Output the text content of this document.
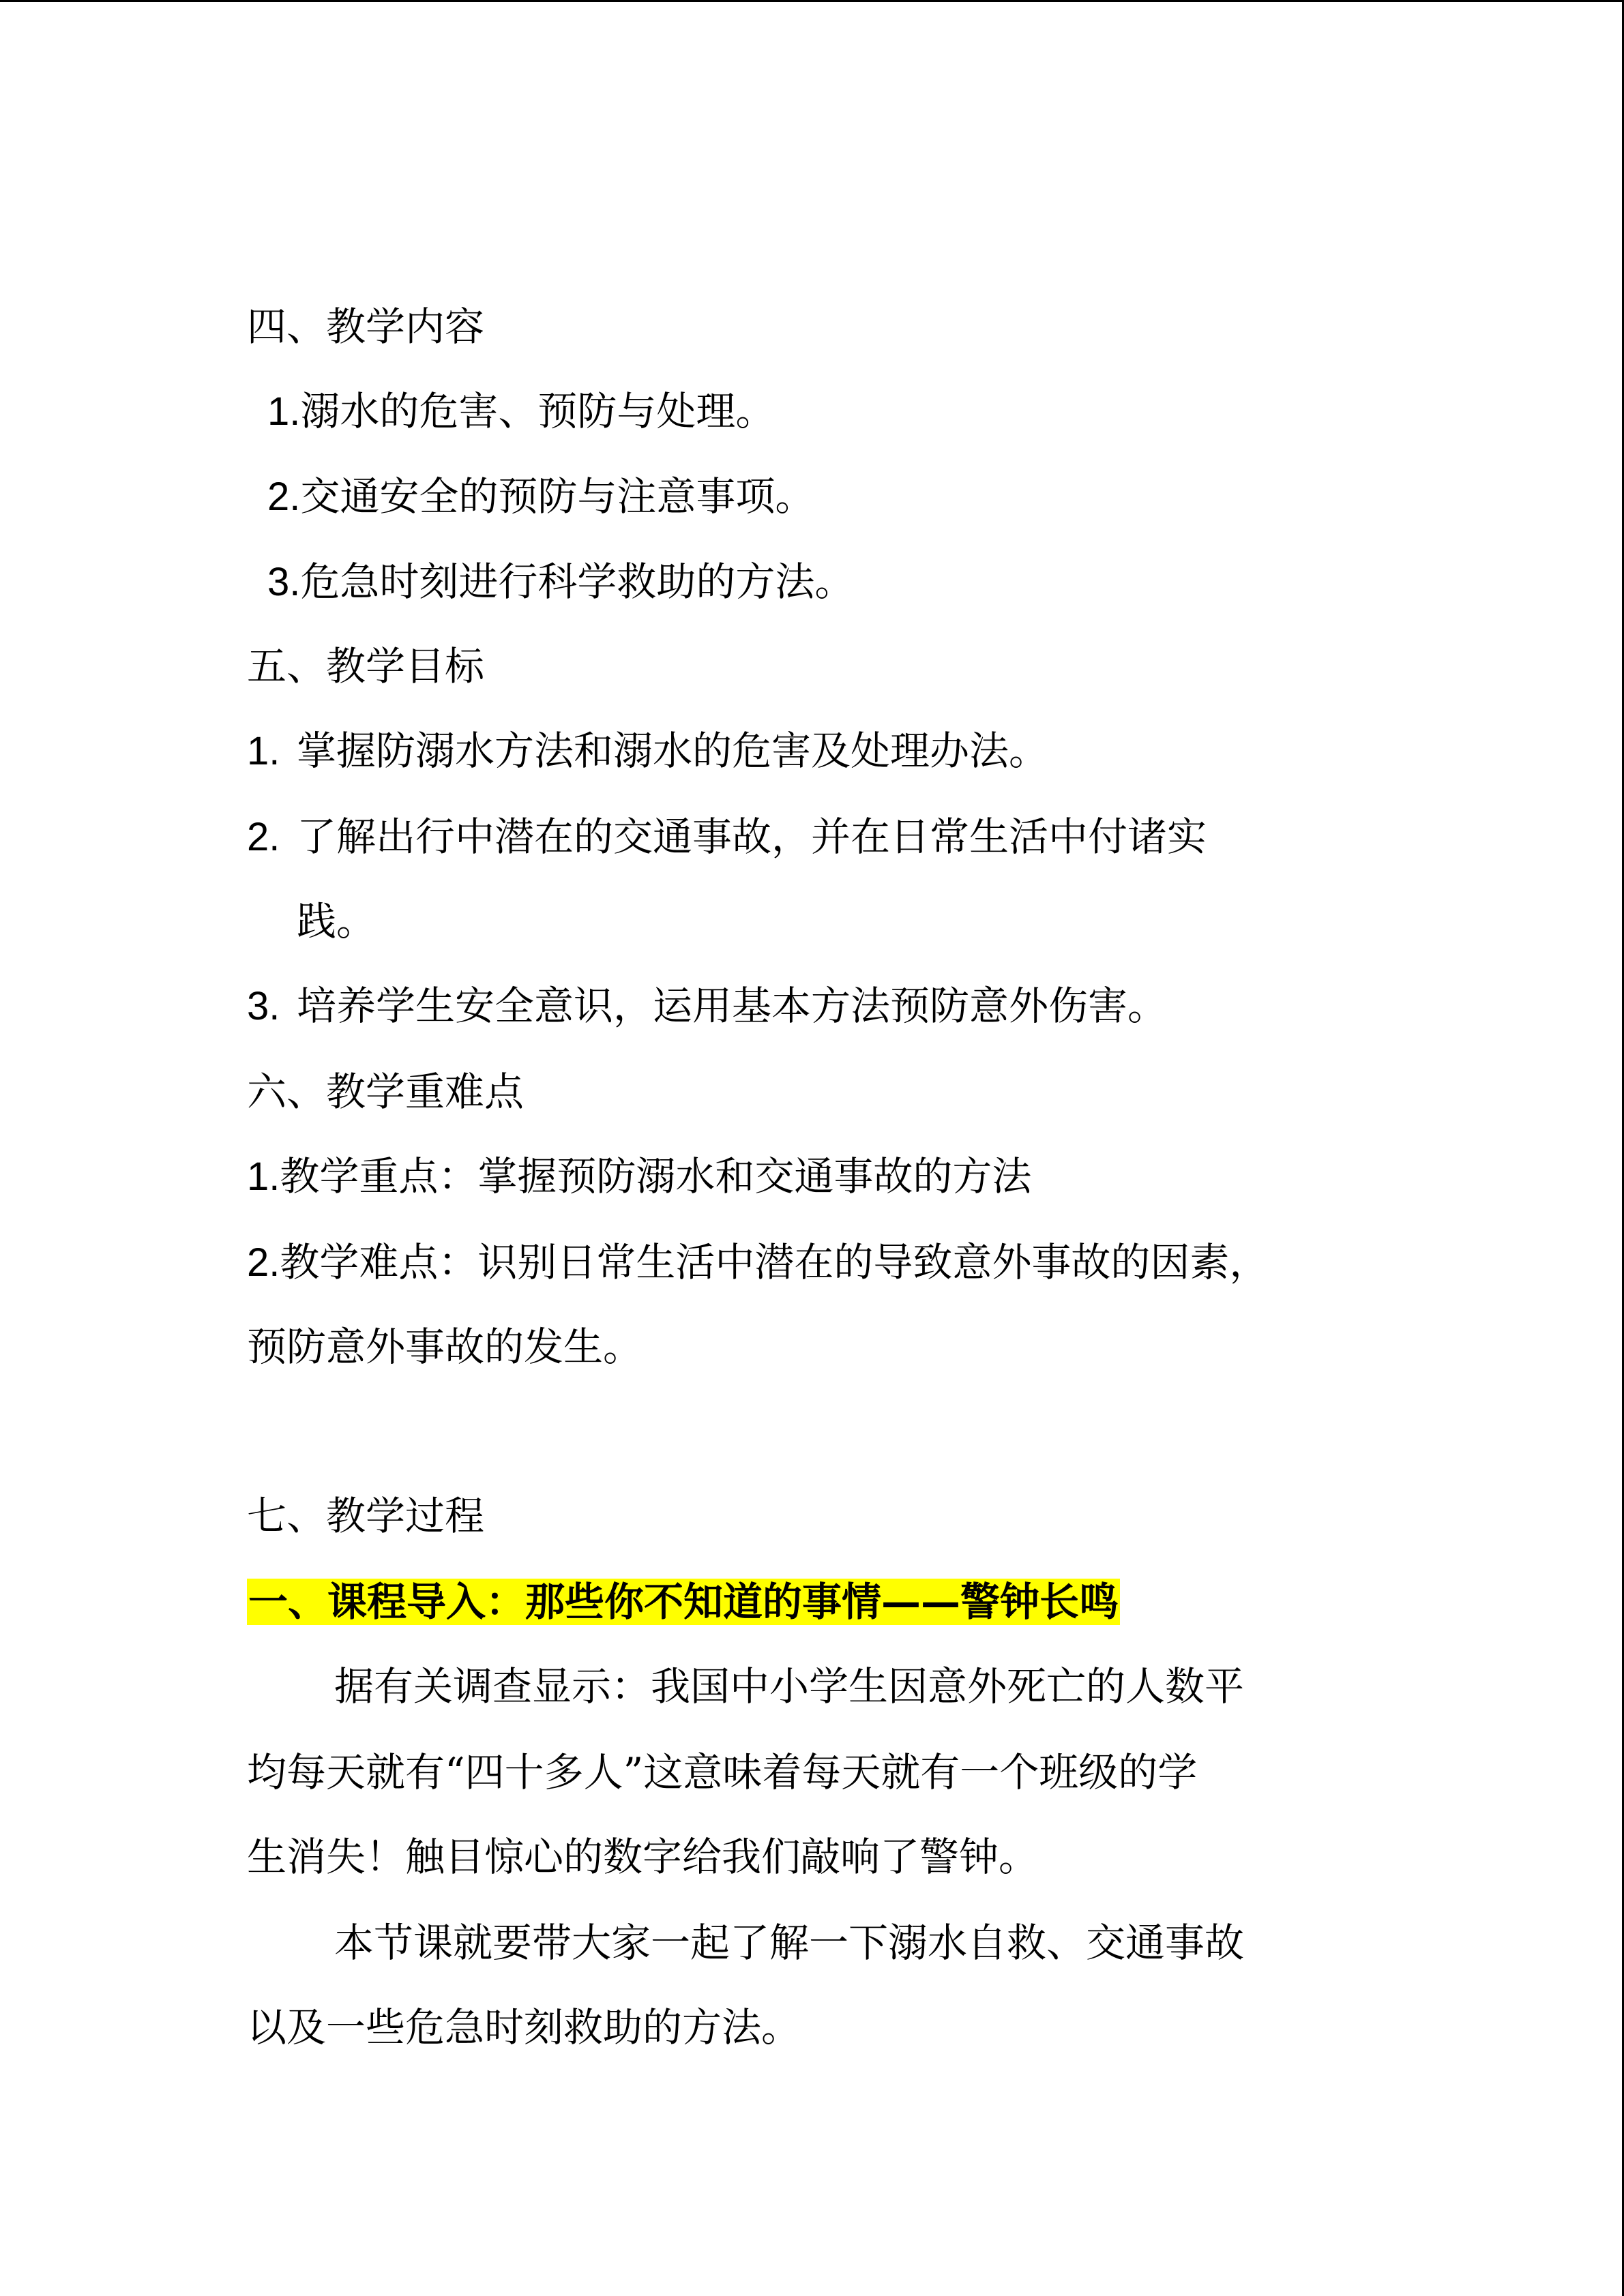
四、教学内容
1.溺水的危害、预防与处理。
2.交通安全的预防与注意事项。
3.危急时刻进行科学救助的方法。
五、教学目标
1. 掌握防溺水方法和溺水的危害及处理办法。
2. 了解出行中潜在的交通事故，并在日常生活中付诸实
践。
3. 培养学生安全意识，运用基本方法预防意外伤害。
六、教学重难点
1.教学重点：掌握预防溺水和交通事故的方法
2.教学难点：识别日常生活中潜在的导致意外事故的因素，
预防意外事故的发生。
七、教学过程
一、课程导入：那些你不知道的事情——警钟长鸣
据有关调查显示：我国中小学生因意外死亡的人数平
均每天就有“四十多人”这意味着每天就有一个班级的学
生消失！触目惊心的数字给我们敲响了警钟。
本节课就要带大家一起了解一下溺水自救、交通事故
以及一些危急时刻救助的方法。
